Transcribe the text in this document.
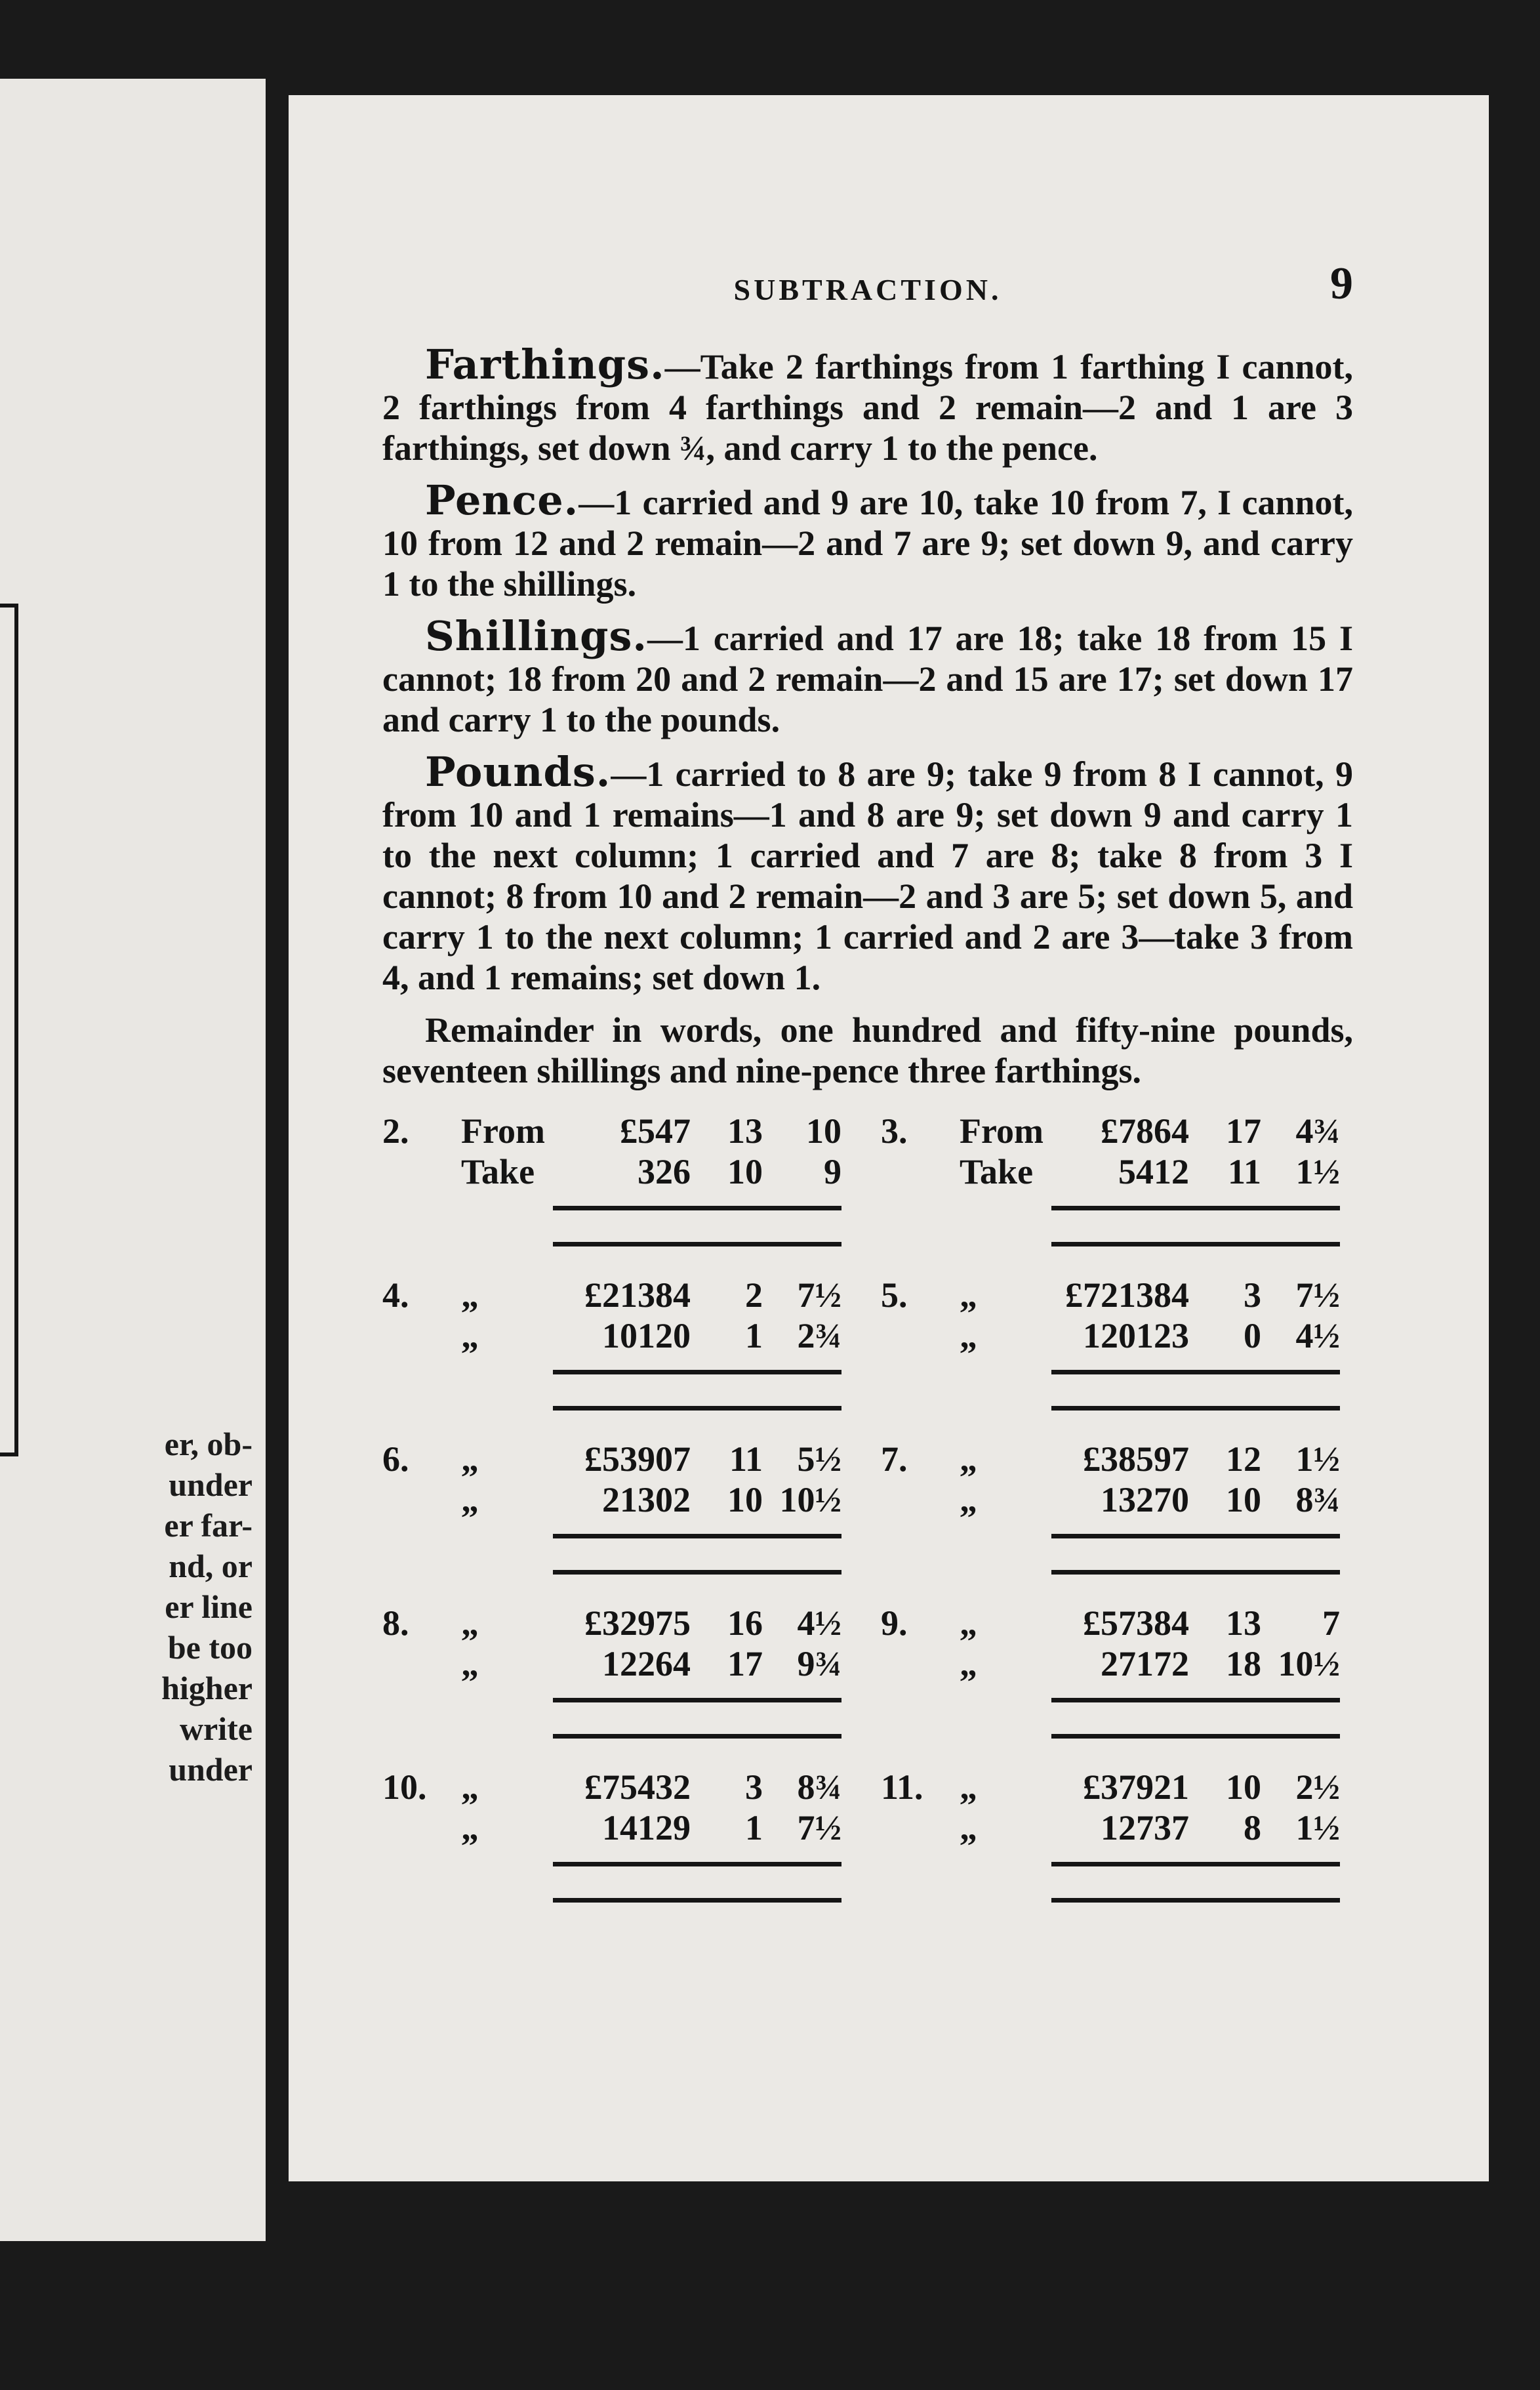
er, ob-
under
er far-
nd, or
er line
be too
higher
write
under
SUBTRACTION.	9

Farthings.—Take 2 farthings from 1 farthing I cannot, 2 farthings from 4 farthings and 2 remain—2 and 1 are 3 farthings, set down ¾, and carry 1 to the pence.

Pence.—1 carried and 9 are 10, take 10 from 7, I cannot, 10 from 12 and 2 remain—2 and 7 are 9; set down 9, and carry 1 to the shillings.

Shillings.—1 carried and 17 are 18; take 18 from 15 I cannot; 18 from 20 and 2 remain—2 and 15 are 17; set down 17 and carry 1 to the pounds.

Pounds.—1 carried to 8 are 9; take 9 from 8 I cannot, 9 from 10 and 1 remains—1 and 8 are 9; set down 9 and carry 1 to the next column; 1 carried and 7 are 8; take 8 from 3 I cannot; 8 from 10 and 2 remain—2 and 3 are 5; set down 5, and carry 1 to the next column; 1 carried and 2 are 3—take 3 from 4, and 1 remains; set down 1.

Remainder in words, one hundred and fifty-nine pounds, seventeen shillings and nine-pence three farthings.

2. From
Take
£547 13 10
326 10 9
3. From
Take
£7864 17 4¾
5412 11 1½
4. „
„
£21384 2 7½
10120 1 2¾
5. „
„
£721384 3 7½
120123 0 4½
6. „
„
£53907 11 5½
21302 10 10½
7. „
„
£38597 12 1½
13270 10 8¾
8. „
„
£32975 16 4½
12264 17 9¾
9. „
„
£57384 13 7
27172 18 10½
10. „
„
£75432 3 8¾
14129 1 7½
11. „
„
£37921 10 2½
12737 8 1½
